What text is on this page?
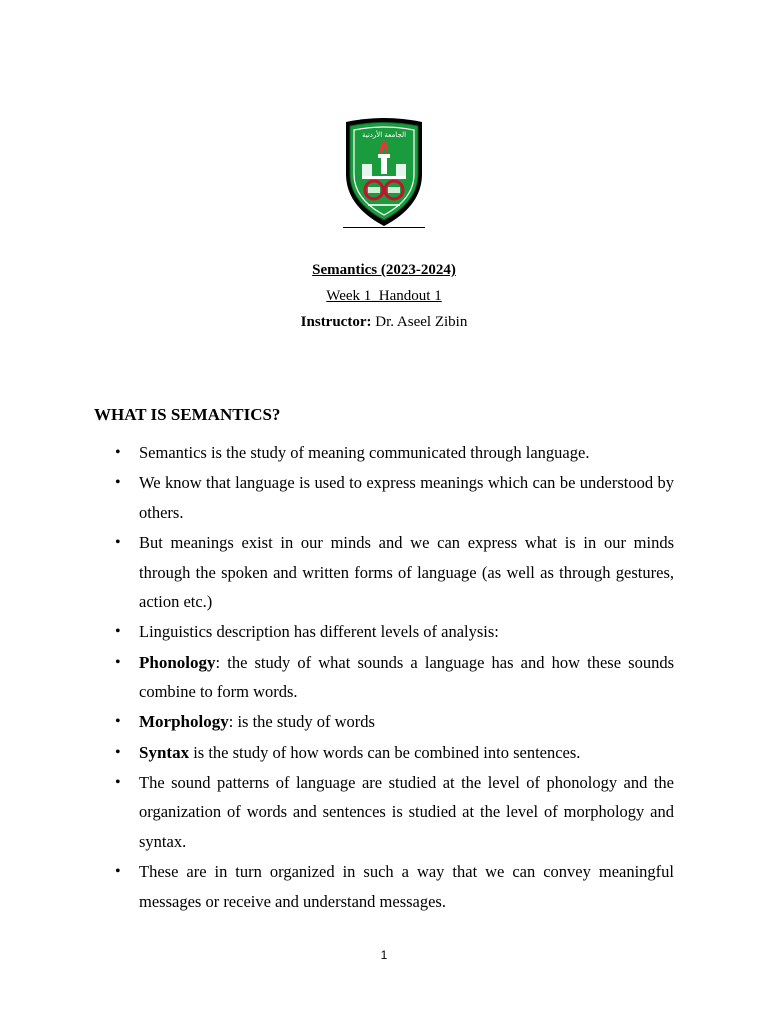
الجامعة الأردنية

Semantics (2023-2024)

Week 1_Handout 1

Instructor: Dr. Aseel Zibin

WHAT IS SEMANTICS?
• Semantics is the study of meaning communicated through language.
• We know that language is used to express meanings which can be understood by others.
• But meanings exist in our minds and we can express what is in our minds through the spoken and written forms of language (as well as through gestures, action etc.)
• Linguistics description has different levels of analysis:
• Phonology: the study of what sounds a language has and how these sounds combine to form words.
• Morphology: is the study of words
• Syntax is the study of how words can be combined into sentences.
• The sound patterns of language are studied at the level of phonology and the organization of words and sentences is studied at the level of morphology and syntax.
• These are in turn organized in such a way that we can convey meaningful messages or receive and understand messages.
1
